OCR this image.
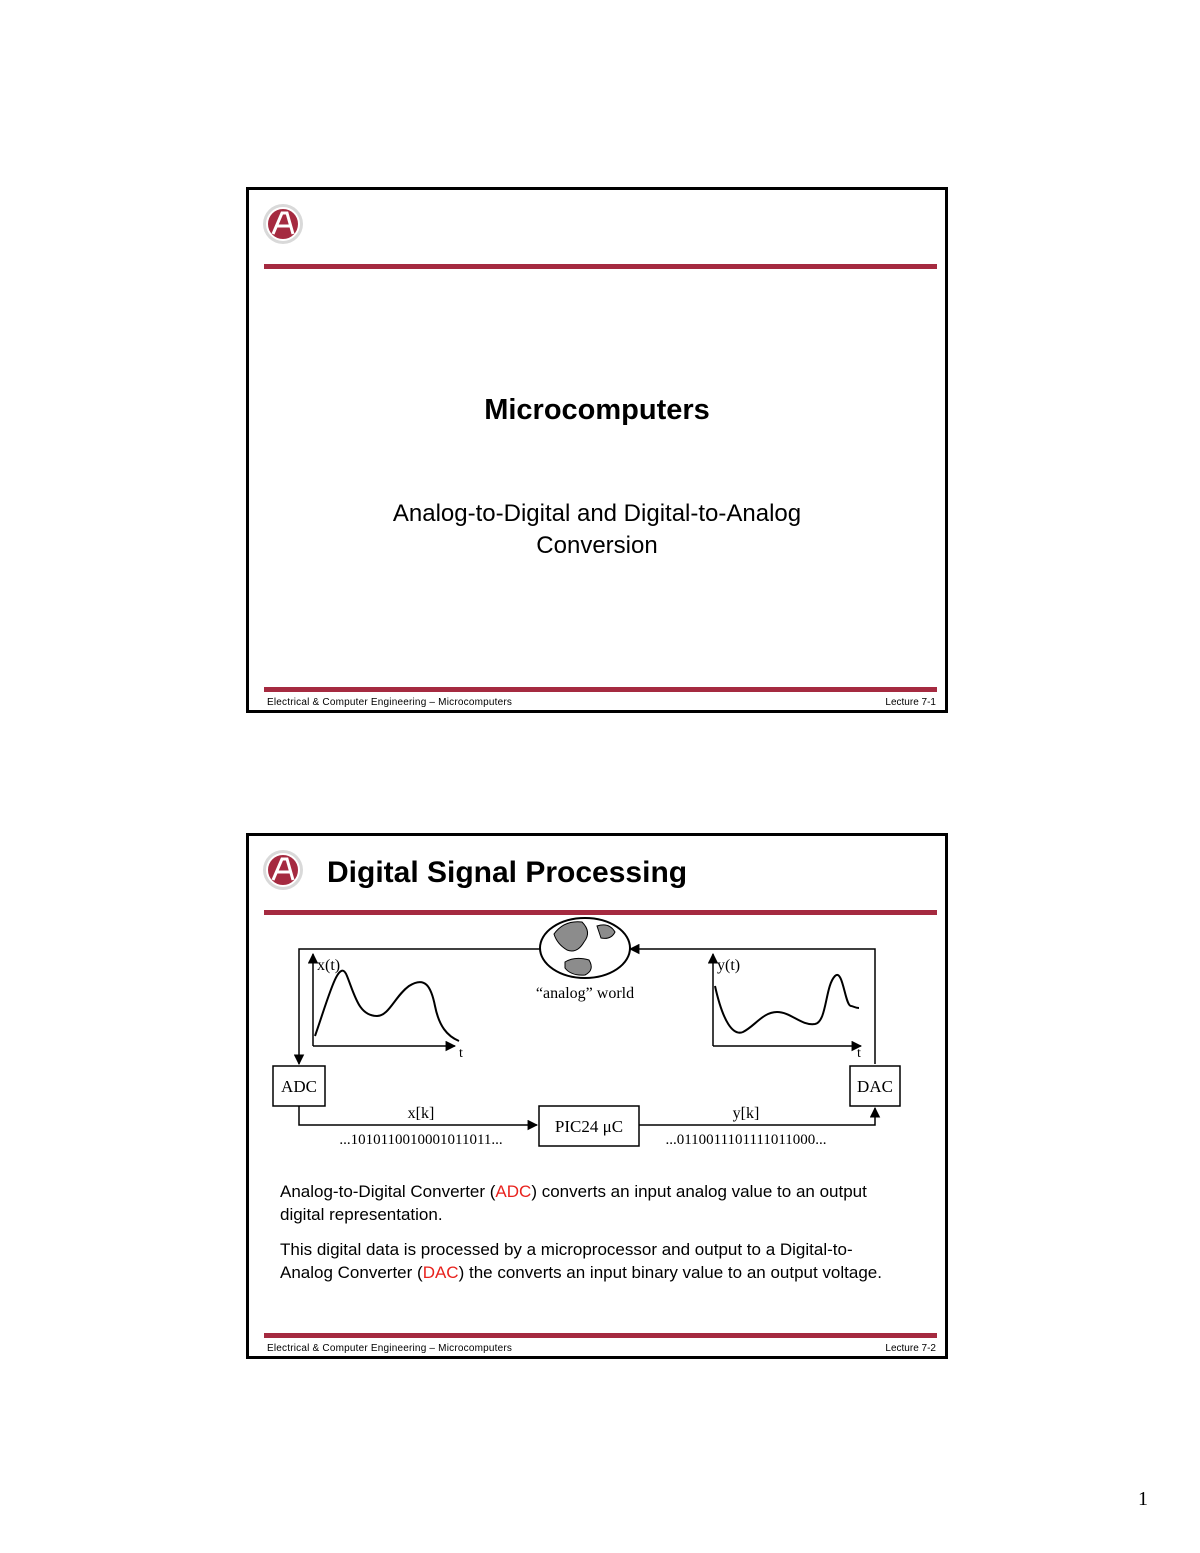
Microcomputers
Analog-to-Digital and Digital-to-Analog
Conversion
Electrical & Computer Engineering – Microcomputers	Lecture 7-1
Digital Signal Processing
x(t)	y(t)
t	t
“analog” world
ADC	DAC
PIC24 μC
x[k]	y[k]
...1010110010001011011...	...0110011101111011000...

Analog-to-Digital Converter (ADC) converts an input analog value to an output digital representation.

This digital data is processed by a microprocessor and output to a Digital-to-Analog Converter (DAC) the converts an input binary value to an output voltage.

Electrical & Computer Engineering – Microcomputers	Lecture 7-2
1
